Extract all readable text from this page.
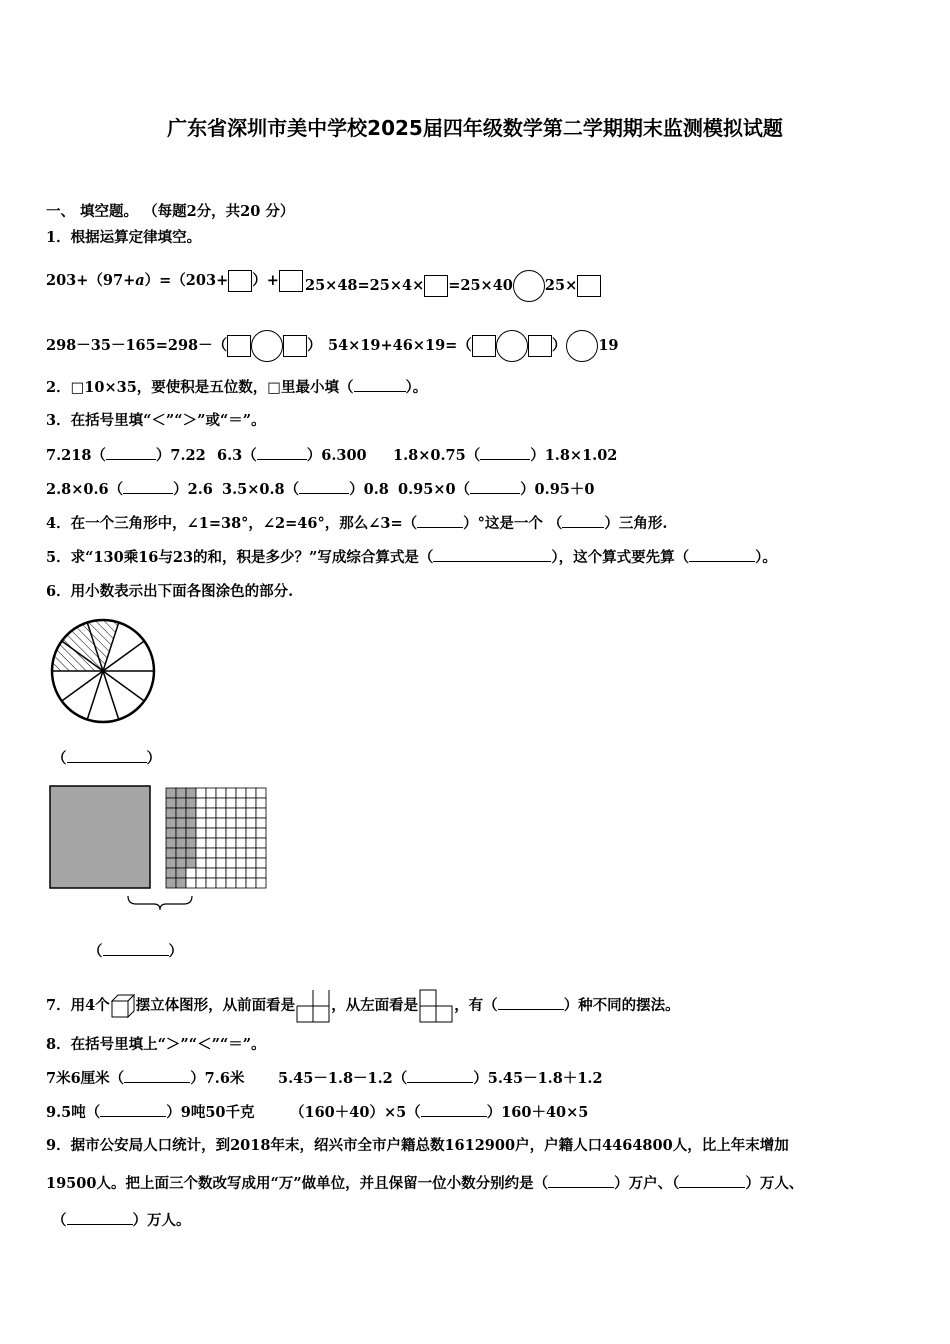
广东省深圳市美中学校2025届四年级数学第二学期期末监测模拟试题
一、 填空题。 （每题2分，共20 分）
1．根据运算定律填空。
203+（97+a）=（203+ ）+	25×48=25×4× =25×40 25×
298－35－165=298－（	） 54×19+46×19=（	） 19
2．□10×35，要使积是五位数，□里最小填（	）。
3．在括号里填“＜”“＞”或“＝”。
7.218（	）7.22 6.3（	）6.300 1.8×0.75（	）1.8×1.02
2.8×0.6（	）2.6 3.5×0.8（	）0.8 0.95×0（	）0.95＋0
4．在一个三角形中，∠1=38°，∠2=46°，那么∠3=（	）°这是一个 （	）三角形.
5．求“130乘16与23的和，积是多少？”写成综合算式是（	），这个算式要先算（	）。
6．用小数表示出下面各图涂色的部分.
（	）
（	）
7．用4个 摆立体图形，从前面看是 ，从左面看是 ，有（	）种不同的摆法。
8．在括号里填上“＞”“＜”“＝”。
7米6厘米（	）7.6米 5.45－1.8－1.2（	）5.45－1.8＋1.2
9.5吨（	）9吨50千克 （160＋40）×5（	）160＋40×5
9．据市公安局人口统计，到2018年末，绍兴市全市户籍总数1612900户，户籍人口4464800人，比上年末增加
19500人。把上面三个数改写成用“万”做单位，并且保留一位小数分别约是（	）万户、（	）万人、
（	）万人。
